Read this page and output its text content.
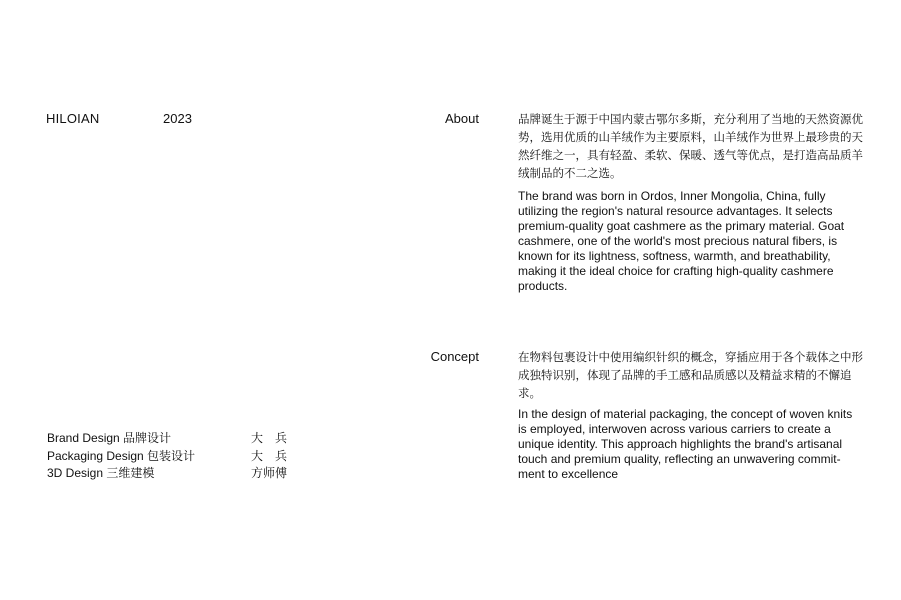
HILOIAN	2023	About	品牌诞生于源于中国内蒙古鄂尔多斯，充分利用了当地的天然资源优势，选用优质的山羊绒作为主要原料，山羊绒作为世界上最珍贵的天然纤维之一，具有轻盈、柔软、保暖、透气等优点，是打造高品质羊绒制品的不二之选。

The brand was born in Ordos, Inner Mongolia, China, fully utilizing the region's natural resource advantages. It selects premium-quality goat cashmere as the primary material. Goat cashmere, one of the world's most precious natural fibers, is known for its lightness, softness, warmth, and breathability, making it the ideal choice for crafting high-quality cashmere products.

Concept	在物料包裹设计中使用编织针织的概念，穿插应用于各个载体之中形成独特识别，体现了品牌的手工感和品质感以及精益求精的不懈追求。

In the design of material packaging, the concept of woven knits is employed, interwoven across various carriers to create a unique identity. This approach highlights the brand's artisanal touch and premium quality, reflecting an unwavering commit-ment to excellence

Brand Design 品牌设计	大 兵
Packaging Design 包装设计	大 兵
3D Design 三维建模	方师傅
